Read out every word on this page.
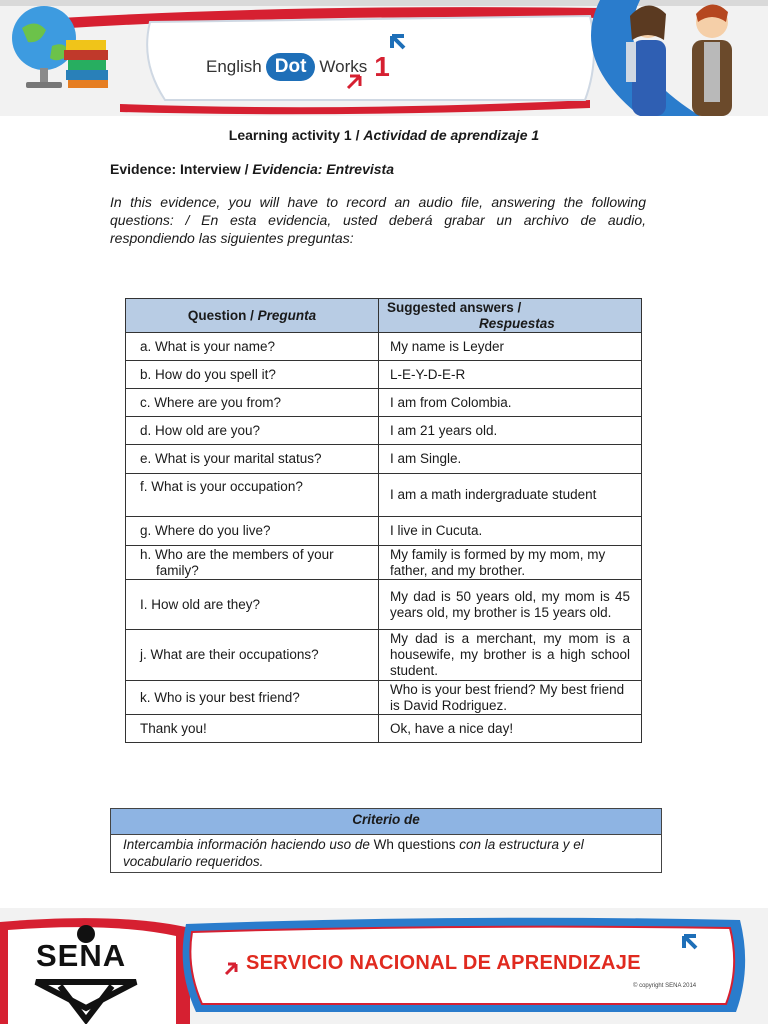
English Dot Works 1
Learning activity 1 / Actividad de aprendizaje 1
Evidence: Interview / Evidencia: Entrevista
In this evidence, you will have to record an audio file, answering the following questions: / En esta evidencia, usted deberá grabar un archivo de audio, respondiendo las siguientes preguntas:
Question / Pregunta	Suggested answers /
Respuestas

a. What is your name?	My name is Leyder
b. How do you spell it?	L-E-Y-D-E-R
c. Where are you from?	I am from Colombia.
d. How old are you?	I am 21 years old.
e. What is your marital status?	I am Single.
f. What is your occupation?	I am a math indergraduate student
g. Where do you live?	I live in Cucuta.
h. Who are the members of your
family?	My family is formed by my mom, my father, and my brother.
I. How old are they?	My dad is 50 years old, my mom is 45 years old, my brother is 15 years old.
j. What are their occupations?	My dad is a merchant, my mom is a housewife, my brother is a high school student.
k. Who is your best friend?	Who is your best friend? My best friend is David Rodriguez.
Thank you!	Ok, have a nice day!
Criterio de
Intercambia información haciendo uso de Wh questions con la estructura y el vocabulario requeridos.
SENA	SERVICIO NACIONAL DE APRENDIZAJE
© copyright SENA 2014
